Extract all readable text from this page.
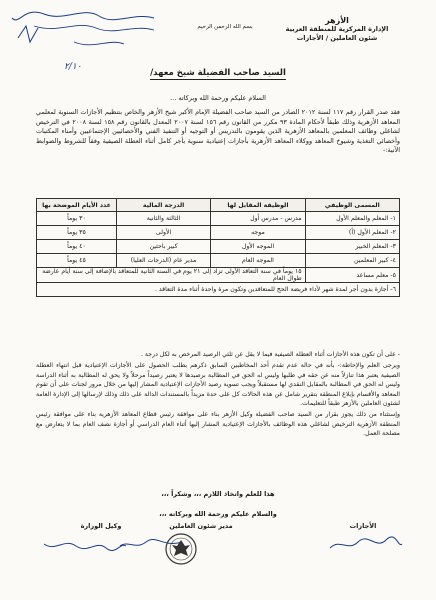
الأزهر
الإدارة المركزية للمنطقة العربية
شئون العاملين / الأجازات
بسم الله الرحمن الرحيم
٢/١٠
السيد صاحب الفضيلة شيخ معهد/
السلام عليكم ورحمة الله وبركاته ...

فقد صدر القرار رقم ١١٧ لسنة ٢٠١٢ الصادر من السيد صاحب الفضيلة الإمام الأكبر شيخ الأزهر والخاص بتنظيم الأجازات السنوية لمعلمي المعاهد الأزهرية وذلك طبقاً لأحكام المادة ٩٣ مكرر من القانون رقم ١٥٦ لسنة ٢٠٠٧ المعدل بالقانون رقم ١٥٨ لسنة ٢٠٠٨ في الترخيص لشاغلي وظائف المعلمين بالمعاهد الأزهرية الذين يقومون بالتدريس أو التوجيه أو التنفيذ الفني والأخصائيين الإجتماعيين وأمناء المكتبات وأخصائي التغذية وشيوخ المعاهد ووكلاء المعاهد الأزهرية بأجازات إعتيادية سنوية بأجر كامل أثناء العطلة الصيفية وفقاً للشروط والضوابط الآتية:-

المسمى الوظيفي	الوظيفة المقابل لها	الدرجة المالية	عدد الأيام الموضحة بها
١- المعلم والمعلم الأول	مدرس - مدرس أول	الثالثة والثانية	٣٠ يوماً
٢- المعلم الأول (أ)	موجه	الأولى	٣٥ يوماً
٣- المعلم الخبير	الموجه الأول	كبير باحثين	٤٠ يوماً
٤- كبير المعلمين	الموجه العام	مدير عام (الدرجات العليا)	٤٥ يوماً
٥- معلم مساعد	١٥ يوماً في سنة التعاقد الأولى تزاد إلى ٢١ يوم في السنة الثانية للمتعاقد بالإضافة إلى سنة أيام عارضة طوال العام		
٦- أجازة بدون أجر لمدة شهر لأداء فريضة الحج للمتعاقدين وتكون مرة واحدة أثناء مدة التعاقد .			

- على أن تكون هذه الأجازات أثناء العطلة الصيفية فيما لا يقل عن ثلثي الرصيد المرخص به لكل درجة .

ويرجى العلم والإحاطة:- بأنه في حالة عدم تقدم أحد المخاطبين السابق ذكرهم بطلب الحصول على الأجازات الإعتيادية قبل انتهاء العطلة الصيفية يعتبر هذا تنازلاً منه عن حقه في طلبها وليس له الحق في المطالبة برصيدها لا يعتبر رصيداً مرحلاً ولا يحق له المطالبة به أثناء الدراسة وليس له الحق في المطالبة بالمقابل النقدي لها مستقبلاً ويجب تسوية رصيد الأجازات الإعتيادية المشار إليها من خلال مرور لجنات على أن تقوم المعاهد والأقسام بإبلاغ المنطقة بتقرير شامل عن هذه الحالات كل على حدة مزيداً بالمستندات الدالة على ذلك وذلك لإرسالها إلى الإدارة العامة لشئون العاملين بالأزهر طبقاً للتعليمات.

وإستثناء من ذلك يجوز بقرار من السيد صاحب الفضيلة وكيل الأزهر بناء على موافقة رئيس قطاع المعاهد الأزهرية بناء على موافقة رئيس المنطقة الأزهرية الترخيص لشاغلي هذه الوظائف بالأجازات الإعتيادية المشار إليها أثناء العام الدراسي أو أجازة نصف العام بما لا يتعارض مع مصلحة العمل.

هذا للعلم واتخاذ اللازم ،،، وشكراً ،،،
والسلام عليكم ورحمة الله وبركاته ،،،
الأجازات
مدير شئون العاملين
وكيل الوزارة
